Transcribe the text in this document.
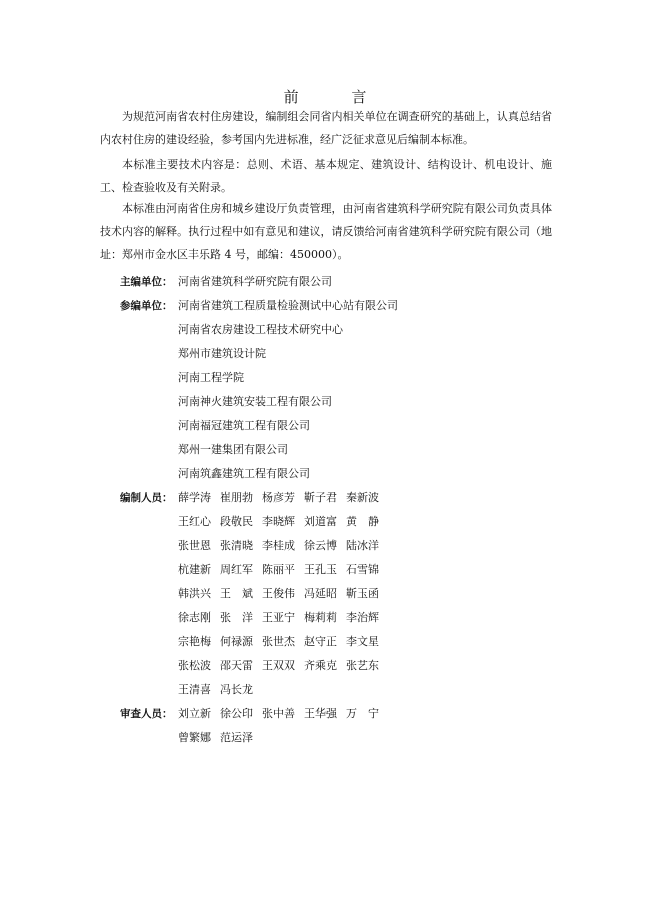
前 言

为规范河南省农村住房建设，编制组会同省内相关单位在调查研究的基础上，认真总结省内农村住房的建设经验，参考国内先进标准，经广泛征求意见后编制本标准。

本标准主要技术内容是：总则、术语、基本规定、建筑设计、结构设计、机电设计、施工、检查验收及有关附录。

本标准由河南省住房和城乡建设厅负责管理，由河南省建筑科学研究院有限公司负责具体技术内容的解释。执行过程中如有意见和建议，请反馈给河南省建筑科学研究院有限公司（地址：郑州市金水区丰乐路 4 号，邮编：450000）。

主编单位： 河南省建筑科学研究院有限公司
参编单位： 河南省建筑工程质量检验测试中心站有限公司
河南省农房建设工程技术研究中心
郑州市建筑设计院
河南工程学院
河南神火建筑安装工程有限公司
河南福冠建筑工程有限公司
郑州一建集团有限公司
河南筑鑫建筑工程有限公司
编制人员： 薛学涛 崔朋勃 杨彦芳 靳子君 秦新波
王红心 段敬民 李晓辉 刘道富 黄　静
张世恩 张清晓 李桂成 徐云博 陆冰洋
杭建新 周红军 陈丽平 王孔玉 石雪锦
韩洪兴 王　斌 王俊伟 冯延昭 靳玉函
徐志刚 张　洋 王亚宁 梅莉莉 李治辉
宗艳梅 何禄源 张世杰 赵守正 李文星
张松波 邵天雷 王双双 齐乘克 张艺东
王清喜 冯长龙
审查人员： 刘立新 徐公印 张中善 王华强 万　宁
曾繁娜 范运泽
